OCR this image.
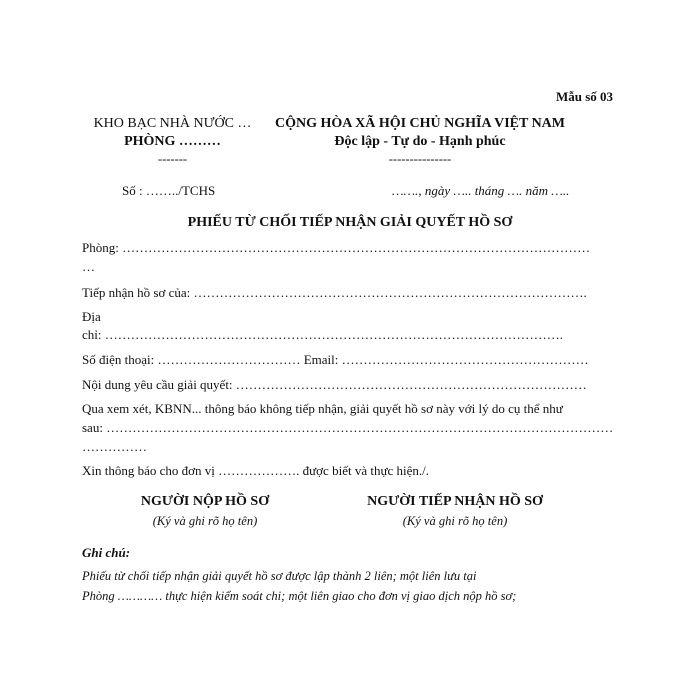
Mẫu số 03
KHO BẠC NHÀ NƯỚC …
PHÒNG ………
-------
CỘNG HÒA XÃ HỘI CHỦ NGHĨA VIỆT NAM
Độc lập - Tự do - Hạnh phúc
---------------
Số : ……../TCHS	……., ngày ….. tháng …. năm …..
PHIẾU TỪ CHỐI TIẾP NHẬN GIẢI QUYẾT HỒ SƠ
Phòng: ………………………………………………………………………………………………
…
Tiếp nhận hồ sơ của: ……………………………………………………………………………….
Địa
chỉ: …………………………………………………………………………………………….
Số điện thoại: …………………………… Email: …………………………………………………
Nội dung yêu cầu giải quyết: ………………………………………………………………………
Qua xem xét, KBNN... thông báo không tiếp nhận, giải quyết hồ sơ này với lý do cụ thể như
sau: ………………………………………………………………………………………………………
……………
Xin thông báo cho đơn vị ………………. được biết và thực hiện./.
NGƯỜI NỘP HỒ SƠ
(Ký và ghi rõ họ tên)
NGƯỜI TIẾP NHẬN HỒ SƠ
(Ký và ghi rõ họ tên)
Ghi chú:
Phiếu từ chối tiếp nhận giải quyết hồ sơ được lập thành 2 liên; một liên lưu tại
Phòng ………… thực hiện kiểm soát chi; một liên giao cho đơn vị giao dịch nộp hồ sơ;
